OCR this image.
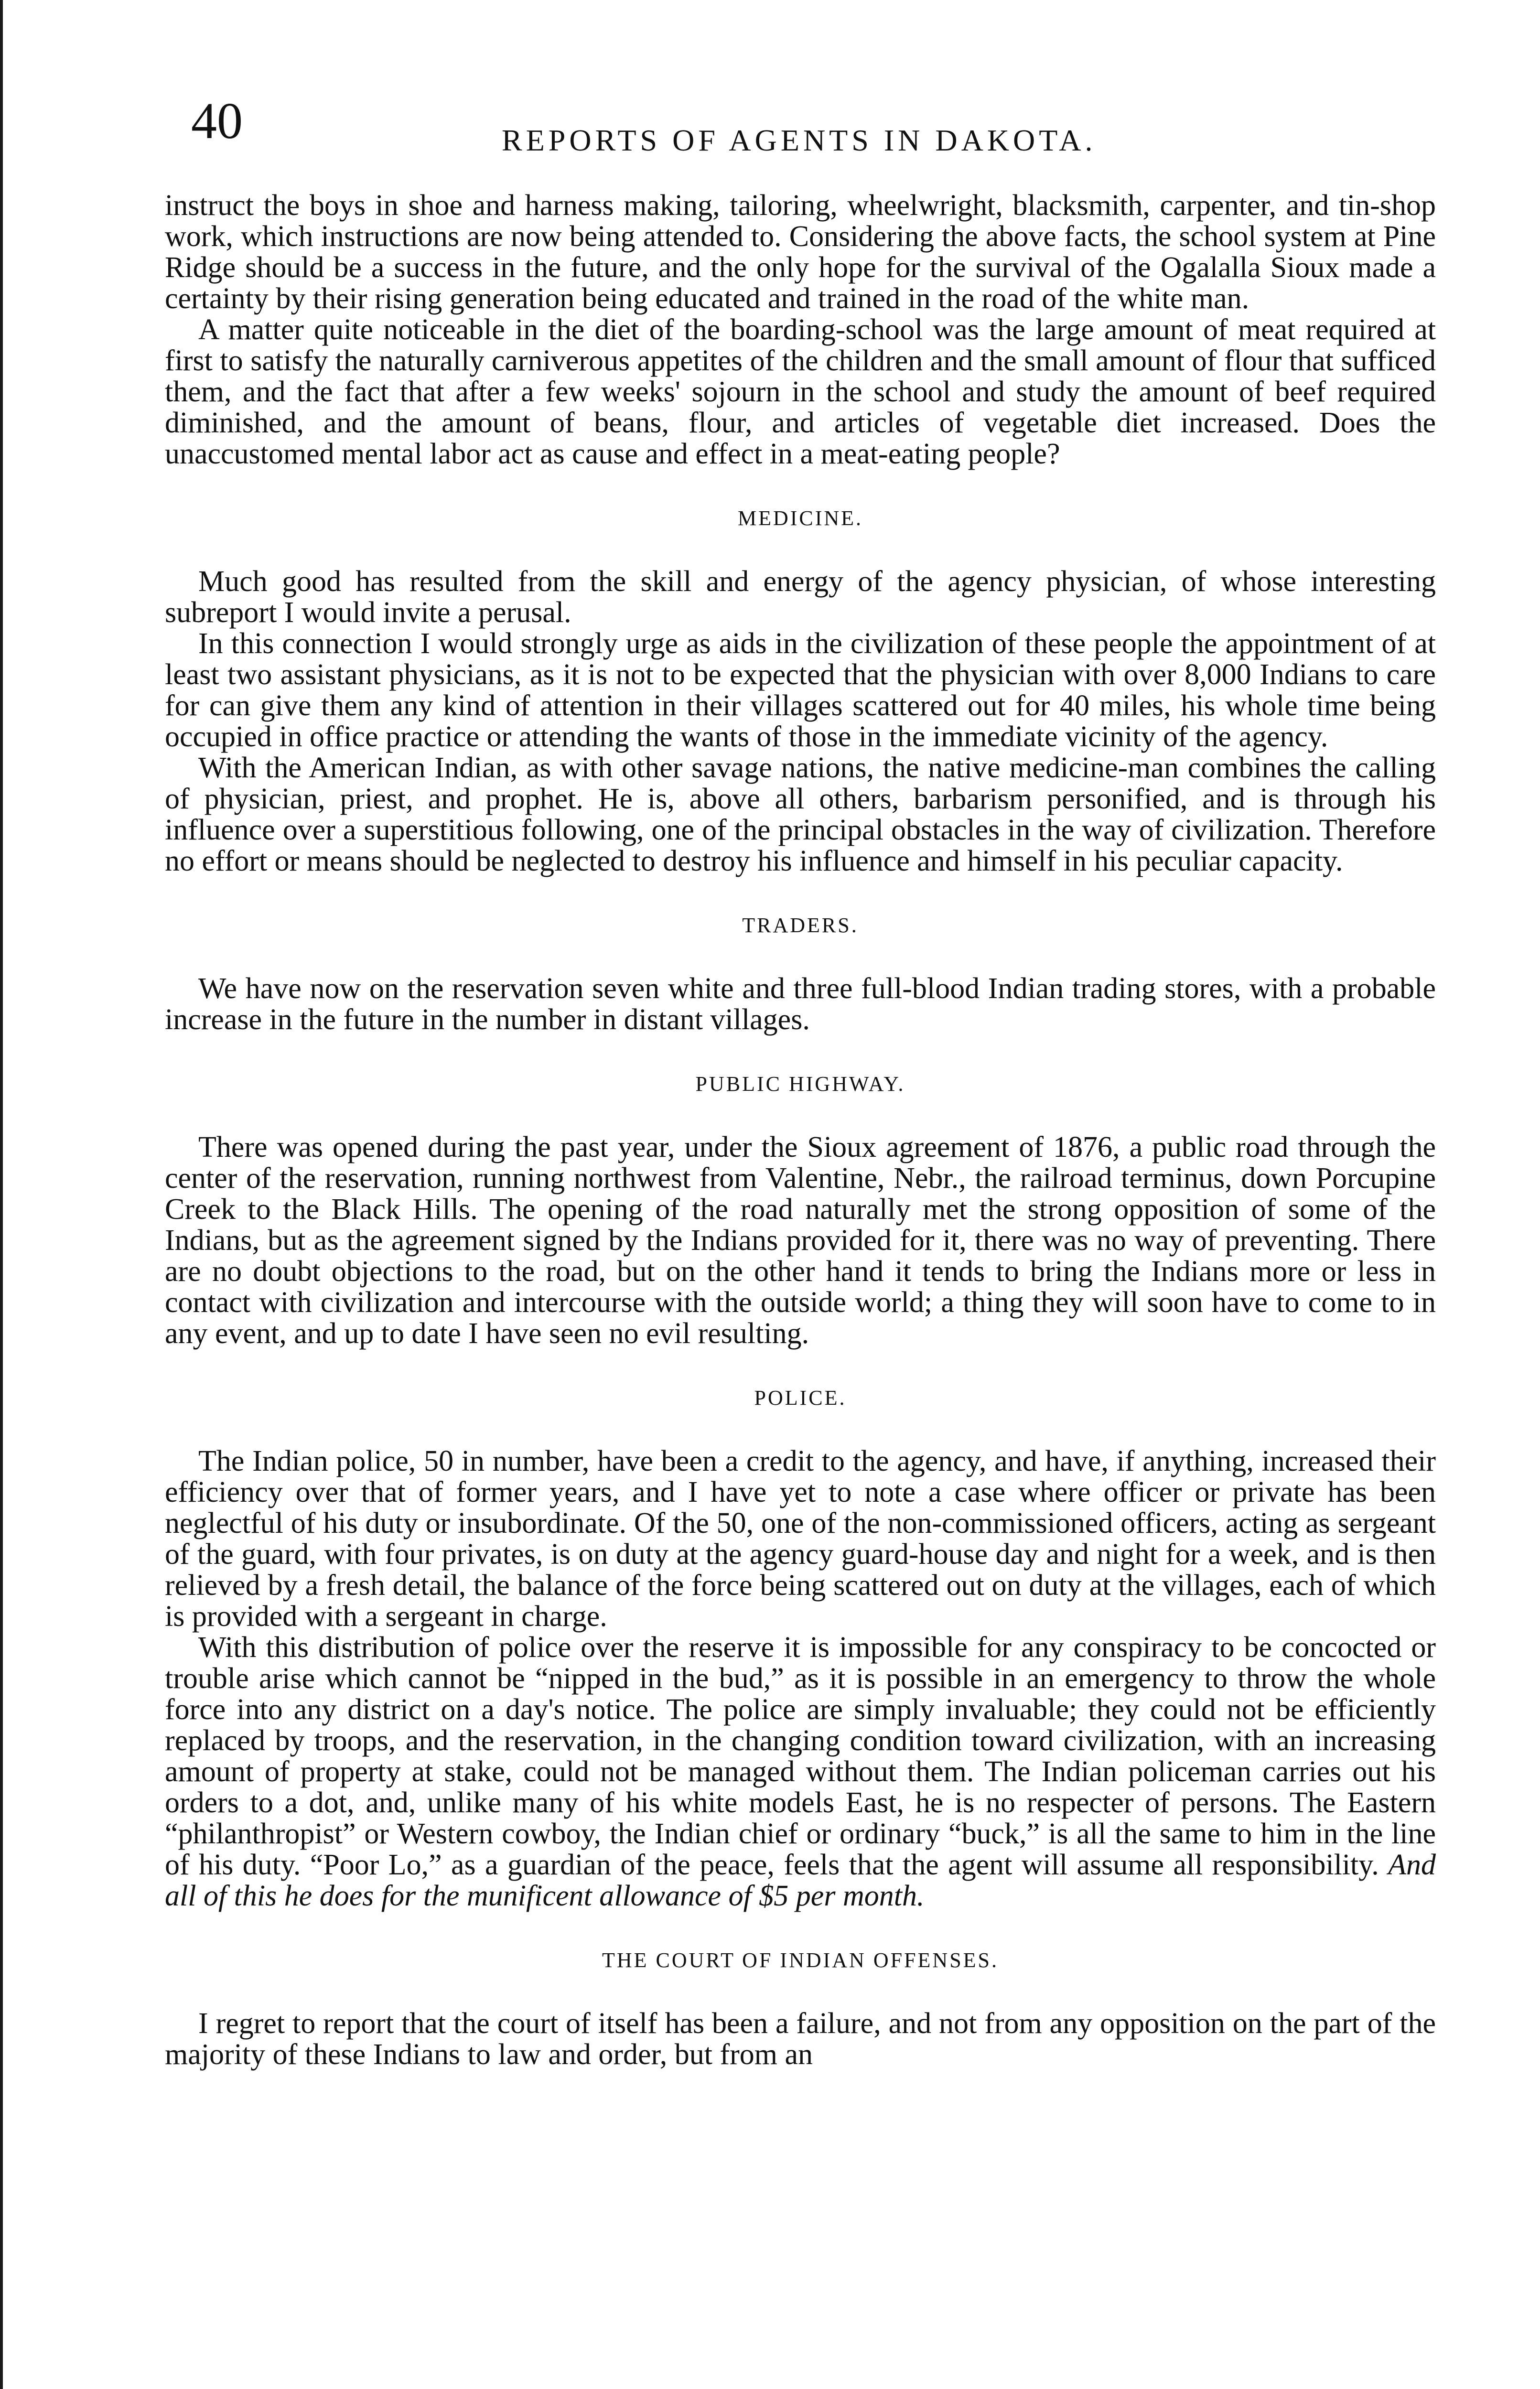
40	REPORTS OF AGENTS IN DAKOTA.

instruct the boys in shoe and harness making, tailoring, wheelwright, blacksmith, carpenter, and tin-shop work, which instructions are now being attended to. Considering the above facts, the school system at Pine Ridge should be a success in the future, and the only hope for the survival of the Ogalalla Sioux made a certainty by their rising generation being educated and trained in the road of the white man.

A matter quite noticeable in the diet of the boarding-school was the large amount of meat required at first to satisfy the naturally carniverous appetites of the children and the small amount of flour that sufficed them, and the fact that after a few weeks' sojourn in the school and study the amount of beef required diminished, and the amount of beans, flour, and articles of vegetable diet increased. Does the unaccustomed mental labor act as cause and effect in a meat-eating people?

MEDICINE.

Much good has resulted from the skill and energy of the agency physician, of whose interesting subreport I would invite a perusal.

In this connection I would strongly urge as aids in the civilization of these people the appointment of at least two assistant physicians, as it is not to be expected that the physician with over 8,000 Indians to care for can give them any kind of attention in their villages scattered out for 40 miles, his whole time being occupied in office practice or attending the wants of those in the immediate vicinity of the agency.

With the American Indian, as with other savage nations, the native medicine-man combines the calling of physician, priest, and prophet. He is, above all others, barbarism personified, and is through his influence over a superstitious following, one of the principal obstacles in the way of civilization. Therefore no effort or means should be neglected to destroy his influence and himself in his peculiar capacity.

TRADERS.

We have now on the reservation seven white and three full-blood Indian trading stores, with a probable increase in the future in the number in distant villages.

PUBLIC HIGHWAY.

There was opened during the past year, under the Sioux agreement of 1876, a public road through the center of the reservation, running northwest from Valentine, Nebr., the railroad terminus, down Porcupine Creek to the Black Hills. The opening of the road naturally met the strong opposition of some of the Indians, but as the agreement signed by the Indians provided for it, there was no way of preventing. There are no doubt objections to the road, but on the other hand it tends to bring the Indians more or less in contact with civilization and intercourse with the outside world; a thing they will soon have to come to in any event, and up to date I have seen no evil resulting.

POLICE.

The Indian police, 50 in number, have been a credit to the agency, and have, if anything, increased their efficiency over that of former years, and I have yet to note a case where officer or private has been neglectful of his duty or insubordinate. Of the 50, one of the non-commissioned officers, acting as sergeant of the guard, with four privates, is on duty at the agency guard-house day and night for a week, and is then relieved by a fresh detail, the balance of the force being scattered out on duty at the villages, each of which is provided with a sergeant in charge.

With this distribution of police over the reserve it is impossible for any conspiracy to be concocted or trouble arise which cannot be “nipped in the bud,” as it is possible in an emergency to throw the whole force into any district on a day's notice. The police are simply invaluable; they could not be efficiently replaced by troops, and the reservation, in the changing condition toward civilization, with an increasing amount of property at stake, could not be managed without them. The Indian policeman carries out his orders to a dot, and, unlike many of his white models East, he is no respecter of persons. The Eastern “philanthropist” or Western cowboy, the Indian chief or ordinary “buck,” is all the same to him in the line of his duty. “Poor Lo,” as a guardian of the peace, feels that the agent will assume all responsibility. And all of this he does for the munificent allowance of $5 per month.

THE COURT OF INDIAN OFFENSES.

I regret to report that the court of itself has been a failure, and not from any opposition on the part of the majority of these Indians to law and order, but from an
